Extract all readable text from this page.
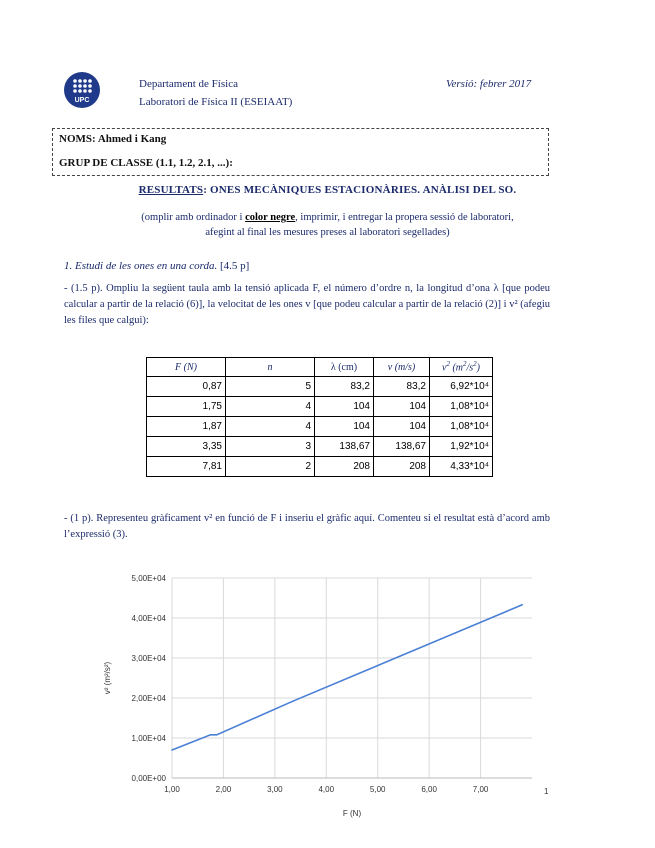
UPC
Departament de Física
Laboratori de Física II (ESEIAAT)
Versió: febrer 2017
NOMS: Ahmed i Kang
GRUP DE CLASSE (1.1, 1.2, 2.1, ...):
RESULTATS: ONES MECÀNIQUES ESTACIONÀRIES. ANÀLISI DEL SO.
(omplir amb ordinador i color negre, imprimir, i entregar la propera sessió de laboratori,
afegint al final les mesures preses al laboratori segellades)
1. Estudi de les ones en una corda. [4.5 p]
- (1.5 p). Ompliu la següent taula amb la tensió aplicada F, el número d’ordre n, la longitud d’ona λ [que podeu calcular a partir de la relació (6)], la velocitat de les ones v [que podeu calcular a partir de la relació (2)] i v² (afegiu les files que calgui):
F (N)	n	λ (cm)	v (m/s)	$v^2$ $(m^2/s^2)$
0,87	5	83,2	83,2	6,92*10⁴
1,75	4	104	104	1,08*10⁴
1,87	4	104	104	1,08*10⁴
3,35	3	138,67	138,67	1,92*10⁴
7,81	2	208	208	4,33*10⁴
- (1 p). Representeu gràficament v² en funció de F i inseriu el gràfic aquí. Comenteu si el resultat està d’acord amb l’expressió (3).
0,00E+00
1,00E+04
2,00E+04
3,00E+04
4,00E+04
5,00E+04
1,00	2,00	3,00	4,00	5,00	6,00	7,00
F (N)
v² (m²/s²)
1
